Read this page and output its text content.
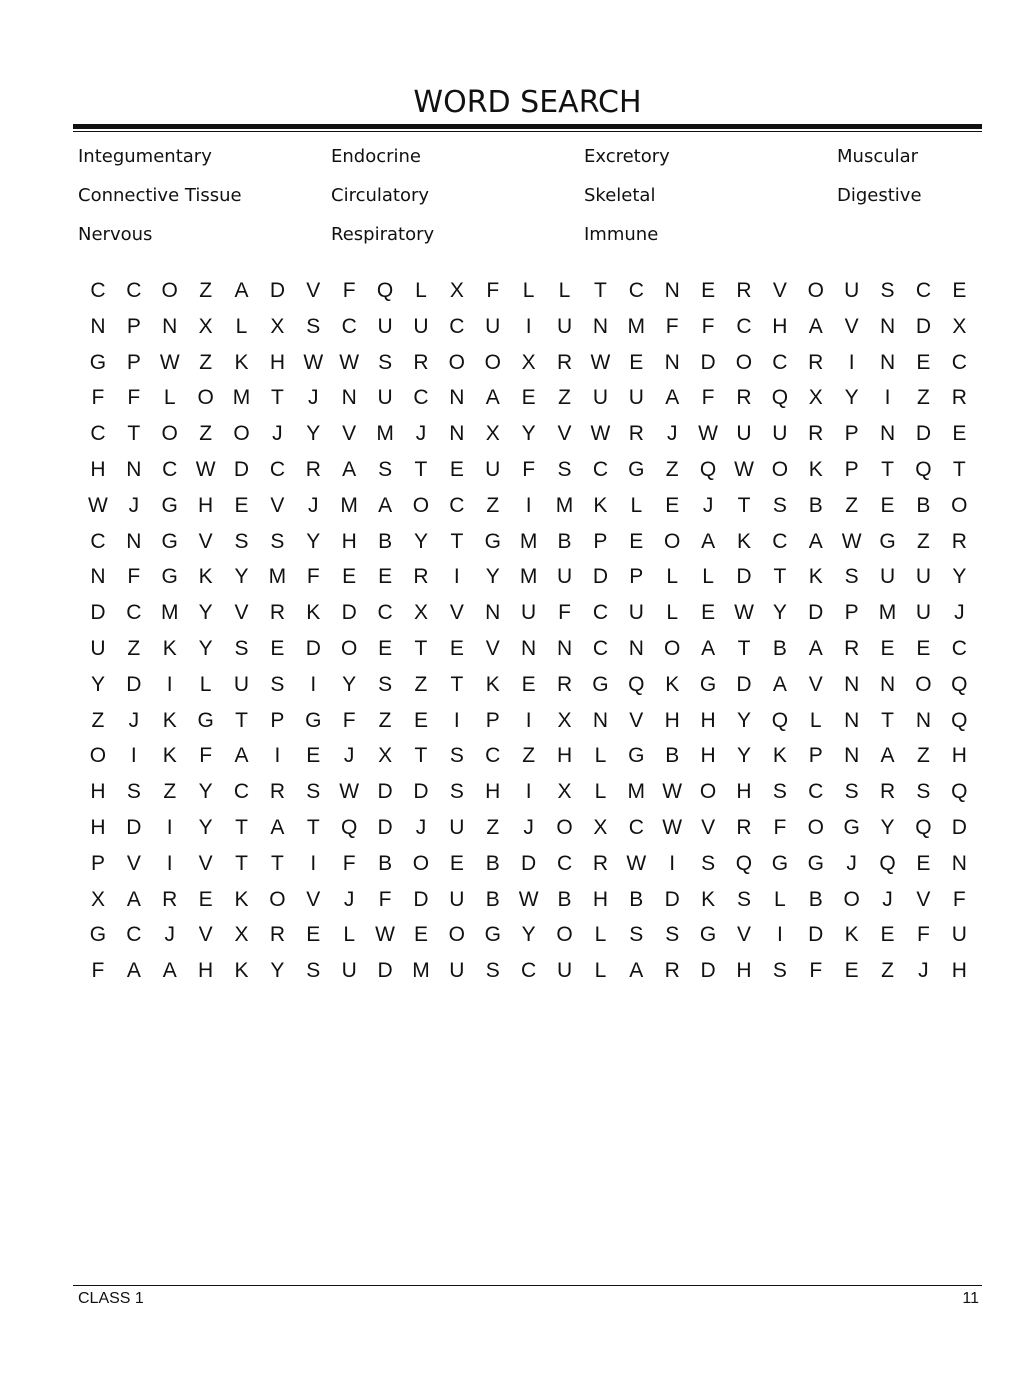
WORD SEARCH
Integumentary	Endocrine	Excretory	Muscular
Connective Tissue	Circulatory	Skeletal	Digestive
Nervous	Respiratory	Immune
C C O	Z	A	D	V	F	Q	L	X	F	L	L	T	C N	E	R	V O U	S	C	E
N	P	N	X	L	X	S	C U U C U	I	U N M F	F	C H	A	V	N D	X
G P W Z	K	H W W S	R O O X	R W E	N D O C R	I	N	E	C
F	F	L	O M T	J	N U C N	A	E	Z	U U	A	F	R Q X	Y	I	Z	R
C	T	O	Z	O	J	Y	V M	J	N	X	Y	V W R	J W U U R	P	N D	E
H N C W D C R	A	S	T	E	U	F	S	C G	Z	Q W O K	P	T	Q	T
W J	G H	E	V	J	M A O C	Z	I	M K	L	E	J	T	S	B	Z	E	B O
C N G V	S	S	Y	H	B	Y	T	G M B	P	E O A	K	C	A W G	Z	R
N	F	G K	Y M F	E	E	R	I	Y M U D	P	L	L	D	T	K	S	U U	Y
D C M Y	V	R	K	D C	X	V	N U	F	C U	L	E W Y	D	P M U	J
U	Z	K	Y	S	E	D O E	T	E	V	N N C N O A	T	B	A	R	E	E	C
Y	D	I	L	U	S	I	Y	S	Z	T	K	E	R G Q K G D	A	V	N N O Q
Z	J	K G	T	P G	F	Z	E	I	P	I	X	N	V	H H	Y Q	L	N	T	N Q
O	I	K	F	A	I	E	J	X	T	S	C	Z	H	L	G B	H	Y	K	P	N	A	Z	H
H	S	Z	Y	C R	S W D D	S	H	I	X	L	M W O H	S	C	S	R	S Q
H D	I	Y	T	A	T	Q D	J	U	Z	J	O X	C W V	R	F	O G Y Q D
P	V	I	V	T	T	I	F	B O E	B	D C R W	I	S Q G G	J	Q E	N
X	A	R	E	K O V	J	F	D U	B W B	H	B	D	K	S	L	B O	J	V	F
G C	J	V	X	R	E	L W E O G Y O	L	S	S G V	I	D	K	E	F	U
F	A	A	H	K	Y	S	U D M U	S	C U	L	A	R D H	S	F	E	Z	J	H
CLASS 1	11
